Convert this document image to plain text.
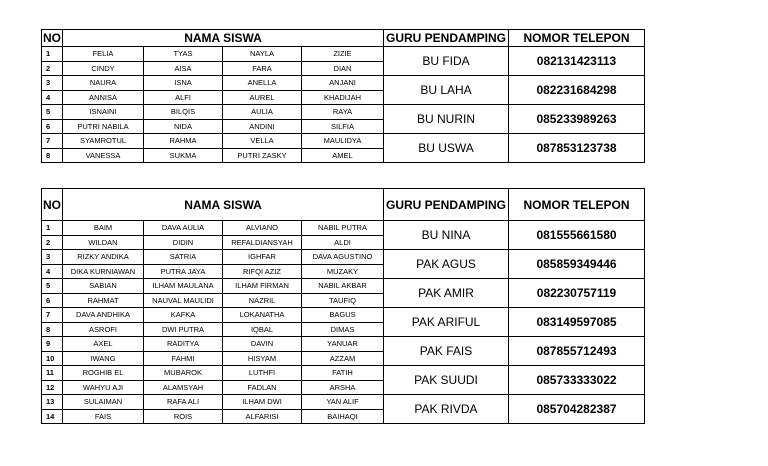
NO	NAMA SISWA				GURU PENDAMPING	NOMOR TELEPON
1	FELIA	TYAS	NAYLA	ZIZIE	BU FIDA	082131423113
2	CINDY	AISA	FARA	DIAN		
3	NAURA	ISNA	ANELLA	ANJANI	BU LAHA	082231684298
4	ANNISA	ALFI	AUREL	KHADIJAH		
5	ISNAINI	BILQIS	AULIA	RAYA	BU NURIN	085233989263
6	PUTRI NABILA	NIDA	ANDINI	SILFIA		
7	SYAMROTUL	RAHMA	VELLA	MAULIDYA	BU USWA	087853123738
8	VANESSA	SUKMA	PUTRI ZASKY	AMEL		
NO	NAMA SISWA				GURU PENDAMPING	NOMOR TELEPON
1	BAIM	DAVA AULIA	ALVIANO	NABIL PUTRA	BU NINA	081555661580
2	WILDAN	DIDIN	REFALDIANSYAH	ALDI		
3	RIZKY ANDIKA	SATRIA	IGHFAR	DAVA AGUSTINO	PAK AGUS	085859349446
4	DIKA KURNIAWAN	PUTRA JAYA	RIFQI AZIZ	MUZAKY		
5	SABIAN	ILHAM MAULANA	ILHAM FIRMAN	NABIL AKBAR	PAK AMIR	082230757119
6	RAHMAT	NAUVAL MAULIDI	NAZRIL	TAUFIQ		
7	DAVA ANDHIKA	KAFKA	LOKANATHA	BAGUS	PAK ARIFUL	083149597085
8	ASROFI	DWI PUTRA	IQBAL	DIMAS		
9	AXEL	RADITYA	DAVIN	YANUAR	PAK FAIS	087855712493
10	IWANG	FAHMI	HISYAM	AZZAM		
11	ROGHIB EL	MUBAROK	LUTHFI	FATIH	PAK SUUDI	085733333022
12	WAHYU AJI	ALAMSYAH	FADLAN	ARSHA		
13	SULAIMAN	RAFA ALI	ILHAM DWI	YAN ALIF	PAK RIVDA	085704282387
14	FAIS	ROIS	ALFARISI	BAIHAQI		
